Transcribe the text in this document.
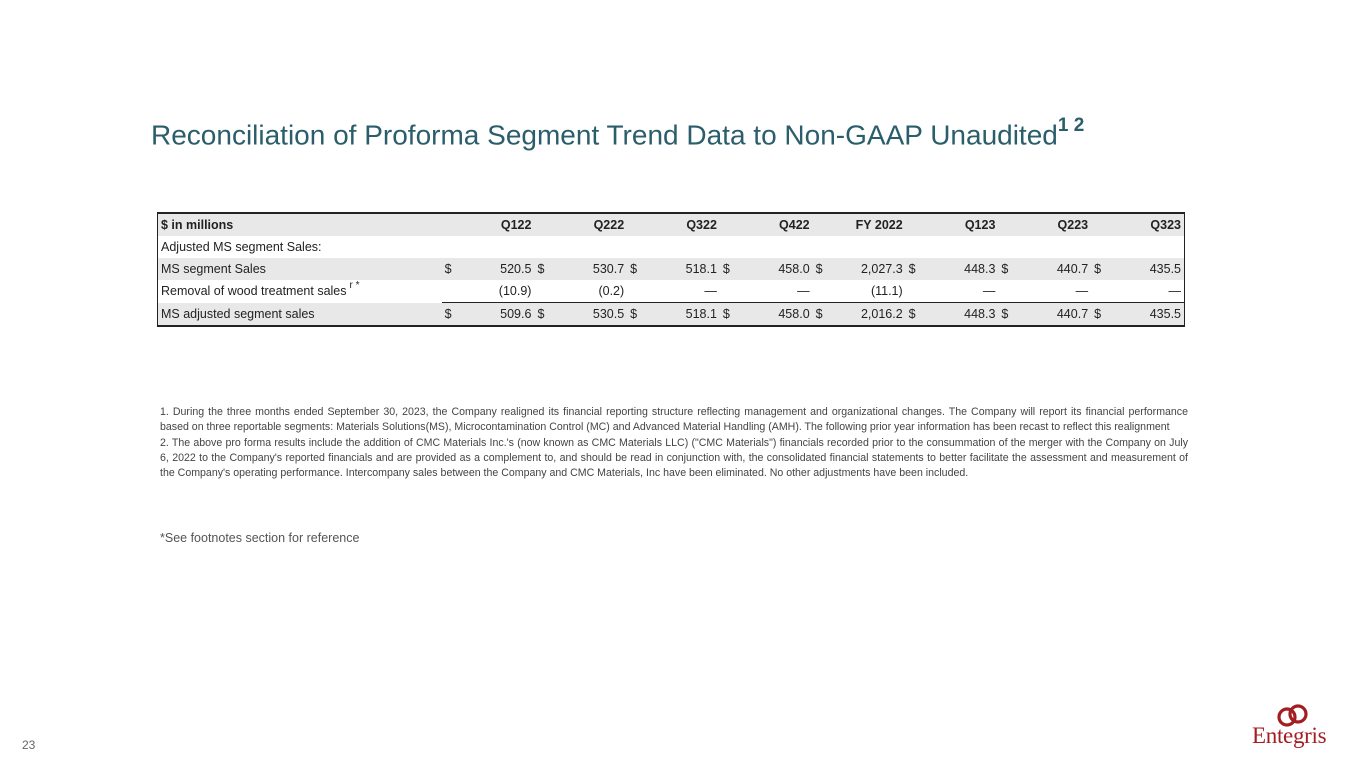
Reconciliation of Proforma Segment Trend Data to Non-GAAP Unaudited$^{1 2}$
$ in millions	Q122		Q222		Q322		Q422		FY 2022		Q123		Q223		Q323	
Adjusted MS segment Sales:																
MS segment Sales	$	520.5	$	530.7	$	518.1	$	458.0	$	2,027.3	$	448.3	$	440.7	$	435.5
Removal of wood treatment sales $^{r *}$		(10.9)		(0.2)		—		—		(11.1)		—		—		—
MS adjusted segment sales	$	509.6	$	530.5	$	518.1	$	458.0	$	2,016.2	$	448.3	$	440.7	$	435.5

1. During the three months ended September 30, 2023, the Company realigned its financial reporting structure reflecting management and organizational changes. The Company will report its financial performance based on three reportable segments: Materials Solutions(MS), Microcontamination Control (MC) and Advanced Material Handling (AMH). The following prior year information has been recast to reflect this realignment

2. The above pro forma results include the addition of CMC Materials Inc.'s (now known as CMC Materials LLC) ("CMC Materials") financials recorded prior to the consummation of the merger with the Company on July 6, 2022 to the Company's reported financials and are provided as a complement to, and should be read in conjunction with, the consolidated financial statements to better facilitate the assessment and measurement of the Company's operating performance. Intercompany sales between the Company and CMC Materials, Inc have been eliminated. No other adjustments have been included.

*See footnotes section for reference
23	Entegris
